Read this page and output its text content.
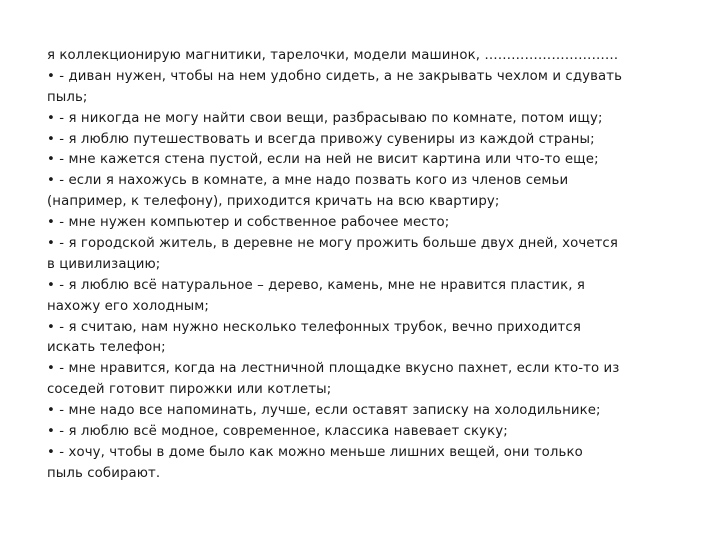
я коллекционирую магнитики, тарелочки, модели машинок, …………………………
• - диван нужен, чтобы на нем удобно сидеть, а не закрывать чехлом и сдувать
пыль;
• - я никогда не могу найти свои вещи, разбрасываю по комнате, потом ищу;
• - я люблю путешествовать и всегда привожу сувениры из каждой страны;
• - мне кажется стена пустой, если на ней не висит картина или что-то еще;
• - если я нахожусь в комнате, а мне надо позвать кого из членов семьи
(например, к телефону), приходится кричать на всю квартиру;
• - мне нужен компьютер и собственное рабочее место;
• - я городской житель, в деревне не могу прожить больше двух дней, хочется
в цивилизацию;
• - я люблю всё натуральное – дерево, камень, мне не нравится пластик, я
нахожу его холодным;
• - я считаю, нам нужно несколько телефонных трубок, вечно приходится
искать телефон;
• - мне нравится, когда на лестничной площадке вкусно пахнет, если кто-то из
соседей готовит пирожки или котлеты;
• - мне надо все напоминать, лучше, если оставят записку на холодильнике;
• - я люблю всё модное, современное, классика навевает скуку;
• - хочу, чтобы в доме было как можно меньше лишних вещей, они только
пыль собирают.
